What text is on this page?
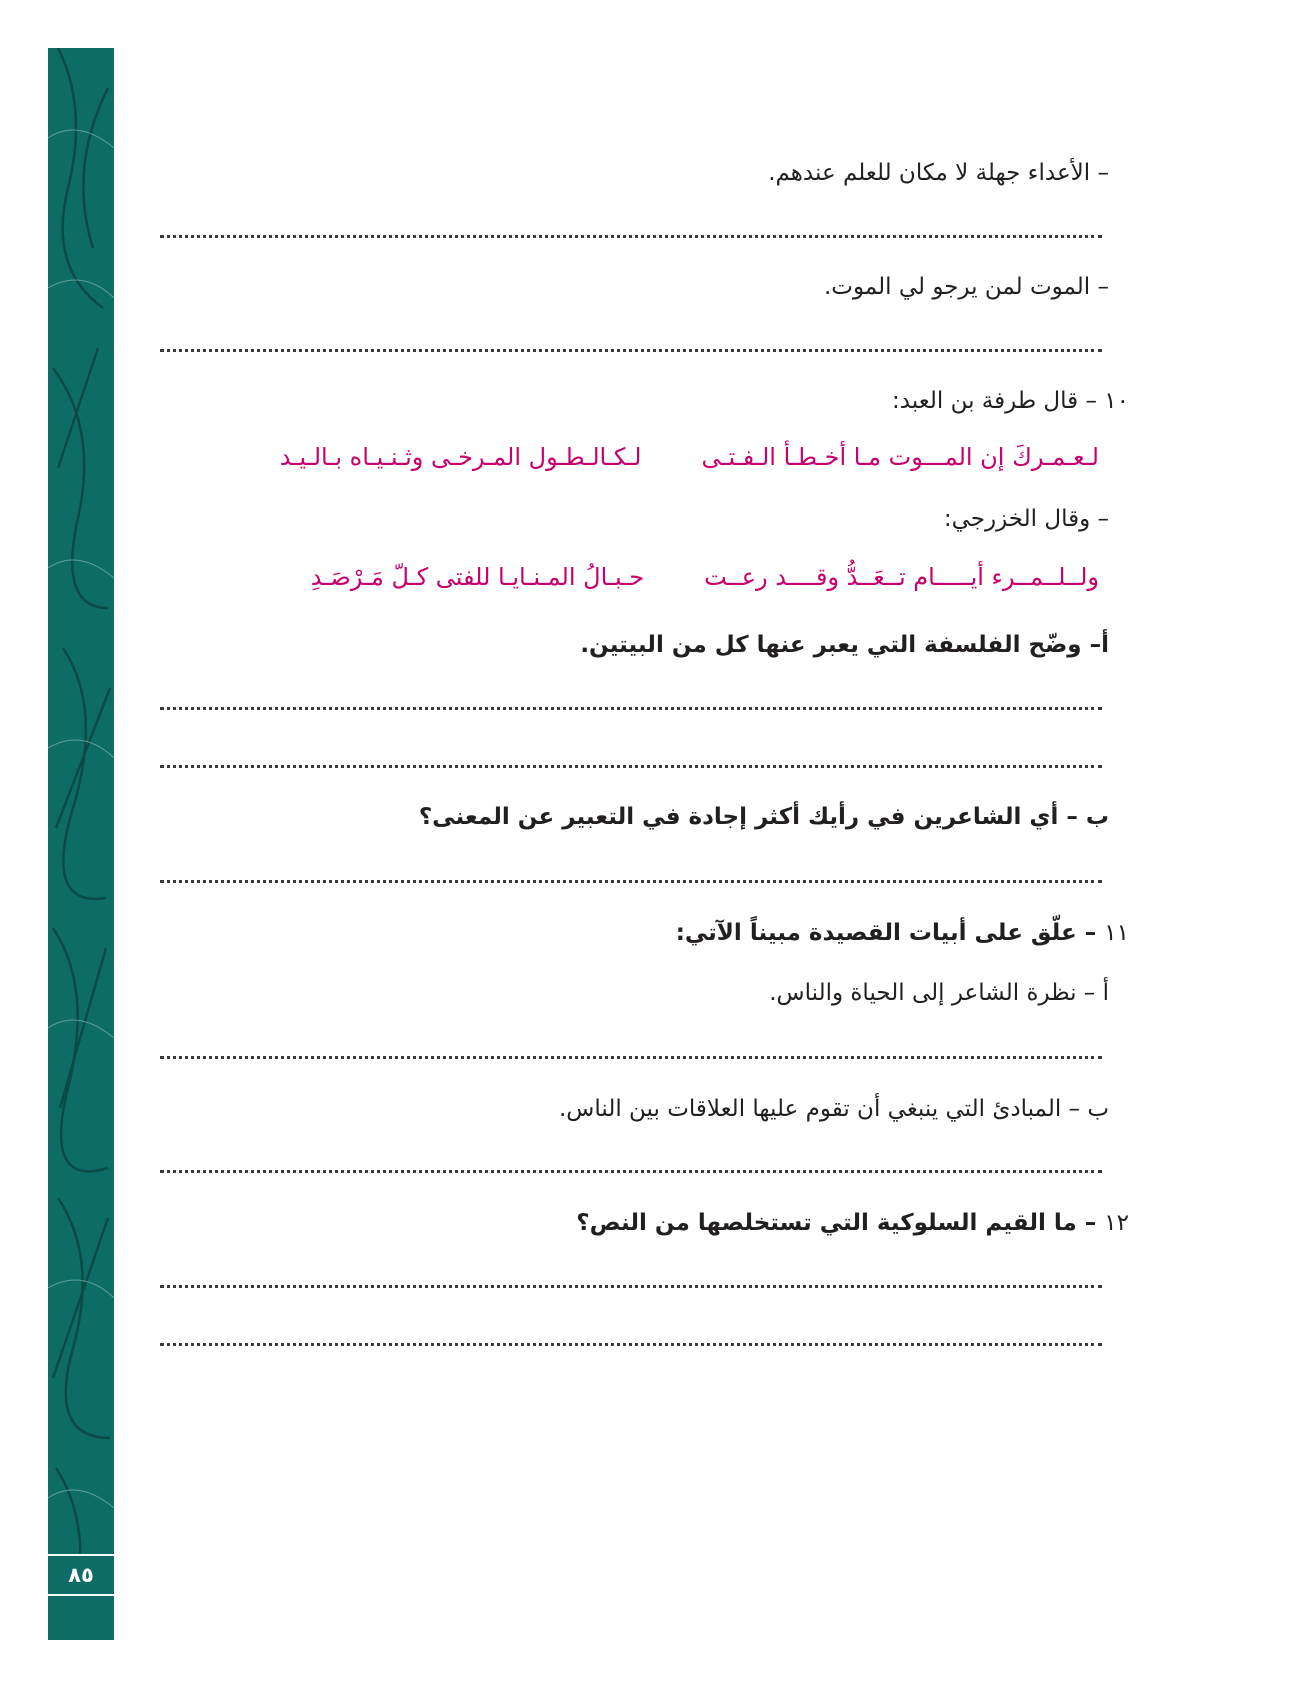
٨٥
– الأعداء جهلة لا مكان للعلم عندهم.
– الموت لمن يرجو لي الموت.
١٠ – قال طرفة بن العبد:
لـعـمـركَ إن المـــوت مـا أخـطـأ الـفـتـىلـكـالـطـول المـرخـى وثـنـيـاه بـالـيـد
– وقال الخزرجي:
ولــلــمــرء أيـــــام تــعَــدُّ وقــــد رعــتحـبـالُ المـنـايـا للفتى كـلّ مَـرْصَـدِ
أ– وضّح الفلسفة التي يعبر عنها كل من البيتين.
ب – أي الشاعرين في رأيك أكثر إجادة في التعبير عن المعنى؟
١١ – علّق على أبيات القصيدة مبيناً الآتي:
أ – نظرة الشاعر إلى الحياة والناس.
ب – المبادئ التي ينبغي أن تقوم عليها العلاقات بين الناس.
١٢ – ما القيم السلوكية التي تستخلصها من النص؟
